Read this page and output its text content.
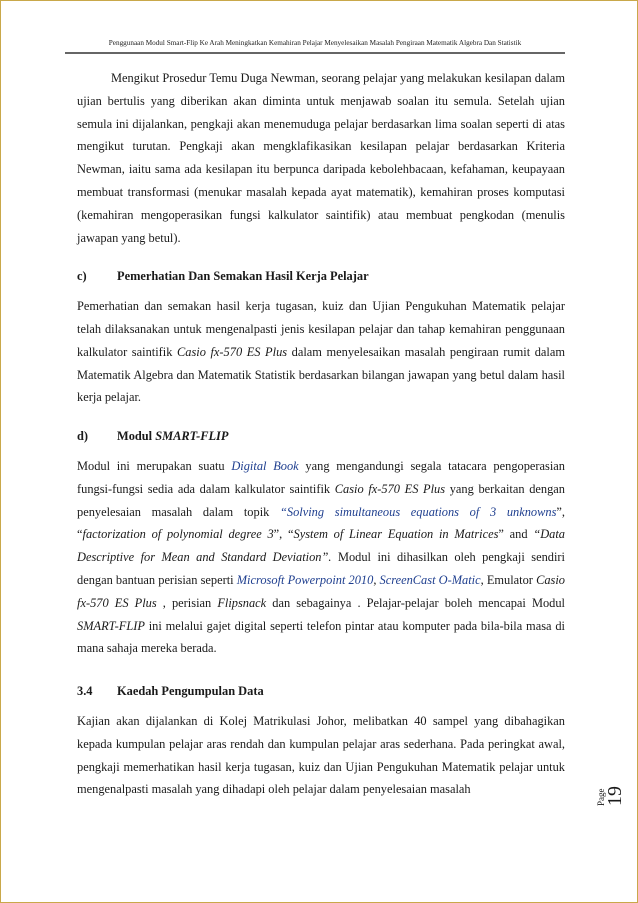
Penggunaan Modul Smart-Flip Ke Arah Meningkatkan Kemahiran Pelajar Menyelesaikan Masalah Pengiraan Matematik Algebra Dan Statistik

Mengikut Prosedur Temu Duga Newman, seorang pelajar yang melakukan kesilapan dalam ujian bertulis yang diberikan akan diminta untuk menjawab soalan itu semula. Setelah ujian semula ini dijalankan, pengkaji akan menemuduga pelajar berdasarkan lima soalan seperti di atas mengikut turutan. Pengkaji akan mengklafikasikan kesilapan pelajar berdasarkan Kriteria Newman, iaitu sama ada kesilapan itu berpunca daripada kebolehbacaan, kefahaman, keupayaan membuat transformasi (menukar masalah kepada ayat matematik), kemahiran proses komputasi (kemahiran mengoperasikan fungsi kalkulator saintifik) atau membuat pengkodan (menulis jawapan yang betul).

c)	Pemerhatian Dan Semakan Hasil Kerja Pelajar

Pemerhatian dan semakan hasil kerja tugasan, kuiz dan Ujian Pengukuhan Matematik pelajar telah dilaksanakan untuk mengenalpasti jenis kesilapan pelajar dan tahap kemahiran penggunaan kalkulator saintifik Casio fx-570 ES Plus dalam menyelesaikan masalah pengiraan rumit dalam Matematik Algebra dan Matematik Statistik berdasarkan bilangan jawapan yang betul dalam hasil kerja pelajar.

d)	Modul SMART-FLIP

Modul ini merupakan suatu Digital Book yang mengandungi segala tatacara pengoperasian fungsi-fungsi sedia ada dalam kalkulator saintifik Casio fx-570 ES Plus yang berkaitan dengan penyelesaian masalah dalam topik “Solving simultaneous equations of 3 unknowns”, “factorization of polynomial degree 3”, “System of Linear Equation in Matrices” and “Data Descriptive for Mean and Standard Deviation”. Modul ini dihasilkan oleh pengkaji sendiri dengan bantuan perisian seperti Microsoft Powerpoint 2010, ScreenCast O-Matic, Emulator Casio fx-570 ES Plus , perisian Flipsnack dan sebagainya . Pelajar-pelajar boleh mencapai Modul SMART-FLIP ini melalui gajet digital seperti telefon pintar atau komputer pada bila-bila masa di mana sahaja mereka berada.

3.4	Kaedah Pengumpulan Data

Kajian akan dijalankan di Kolej Matrikulasi Johor, melibatkan 40 sampel yang dibahagikan kepada kumpulan pelajar aras rendah dan kumpulan pelajar aras sederhana. Pada peringkat awal, pengkaji memerhatikan hasil kerja tugasan, kuiz dan Ujian Pengukuhan Matematik pelajar untuk mengenalpasti masalah yang dihadapi oleh pelajar dalam penyelesaian masalah	Page
19
